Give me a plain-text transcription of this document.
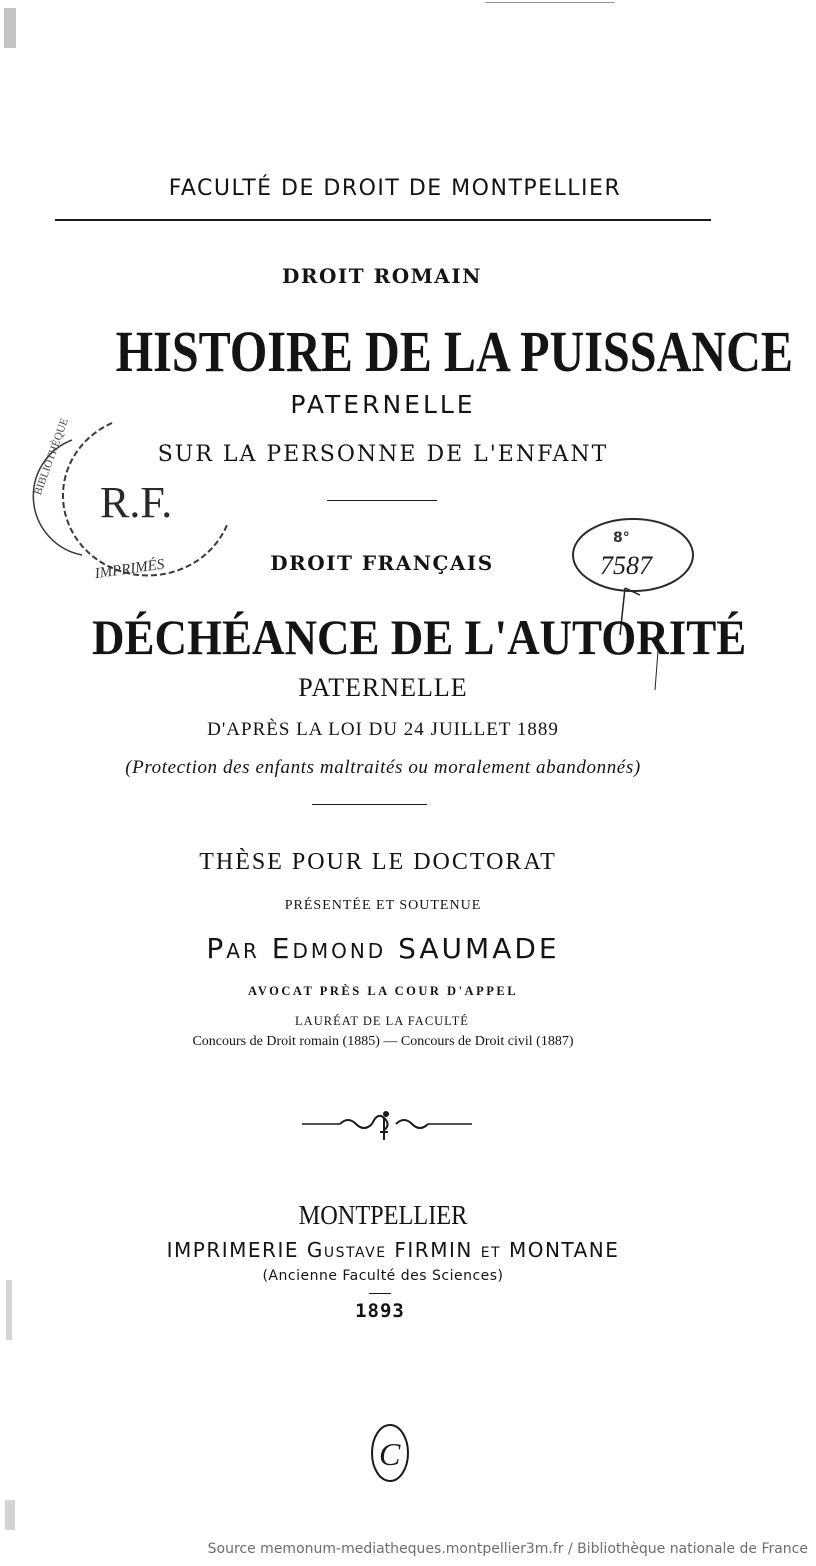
FACULTÉ DE DROIT DE MONTPELLIER
DROIT ROMAIN
HISTOIRE DE LA PUISSANCE
PATERNELLE
SUR LA PERSONNE DE L'ENFANT
R.F.
BIBLIOTHÈQUE
IMPRIMÉS	DROIT FRANÇAIS
8°
7587
DÉCHÉANCE DE L'AUTORITÉ
PATERNELLE
D'APRÈS LA LOI DU 24 JUILLET 1889
(Protection des enfants maltraités ou moralement abandonnés)
THÈSE POUR LE DOCTORAT
PRÉSENTÉE ET SOUTENUE
Par Edmond SAUMADE
AVOCAT PRÈS LA COUR D'APPEL
LAURÉAT DE LA FACULTÉ
Concours de Droit romain (1885) — Concours de Droit civil (1887)
MONTPELLIER
IMPRIMERIE Gustave FIRMIN et MONTANE
(Ancienne Faculté des Sciences)
1893
C
Source memonum-mediatheques.montpellier3m.fr / Bibliothèque nationale de France
